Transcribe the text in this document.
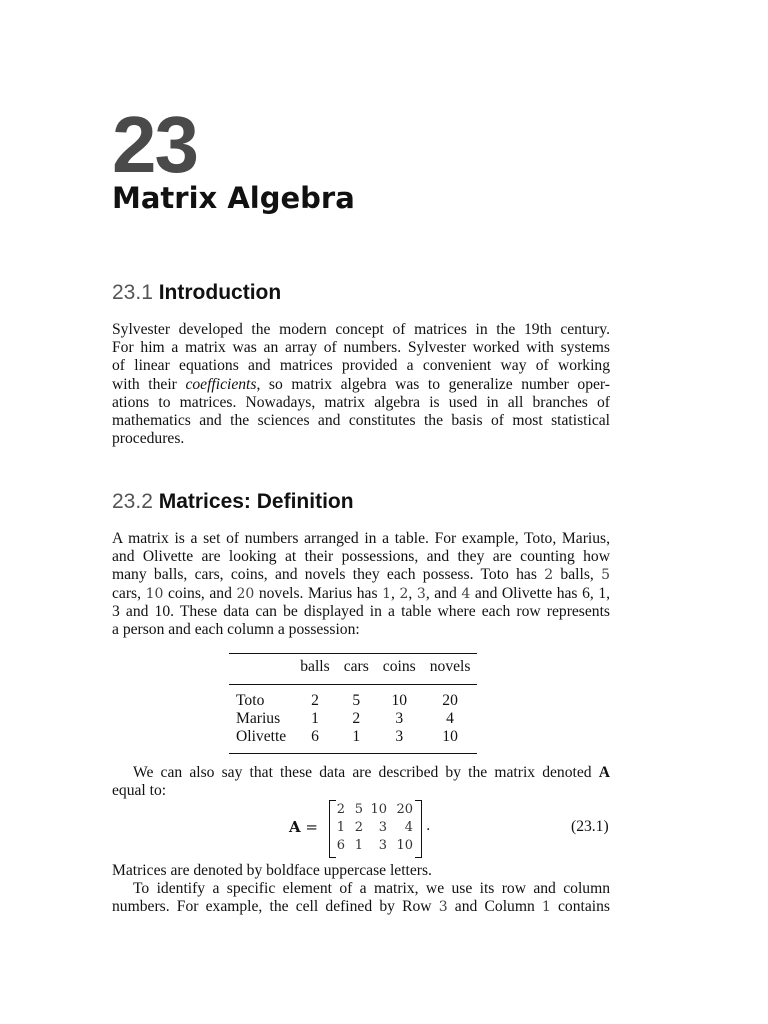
23
Matrix Algebra
23.1 Introduction
Sylvester developed the modern concept of matrices in the 19th century.
For him a matrix was an array of numbers. Sylvester worked with systems
of linear equations and matrices provided a convenient way of working
with their coefficients, so matrix algebra was to generalize number oper-
ations to matrices. Nowadays, matrix algebra is used in all branches of
mathematics and the sciences and constitutes the basis of most statistical
procedures.
23.2 Matrices: Definition
A matrix is a set of numbers arranged in a table. For example, Toto, Marius,
and Olivette are looking at their possessions, and they are counting how
many balls, cars, coins, and novels they each possess. Toto has 2 balls, 5
cars, 10 coins, and 20 novels. Marius has 1, 2, 3, and 4 and Olivette has 6, 1,
3 and 10. These data can be displayed in a table where each row represents
a person and each column a possession:
	balls	cars	coins	novels
Toto	2	5	10	20
Marius	1	2	3	4
Olivette	6	1	3	10
We can also say that these data are described by the matrix denoted A
equal to:
A =
2 5 10 20
1 2	3	4
6 1	3 10
.	(23.1)
Matrices are denoted by boldface uppercase letters.
To identify a specific element of a matrix, we use its row and column
numbers. For example, the cell defined by Row 3 and Column 1 contains
